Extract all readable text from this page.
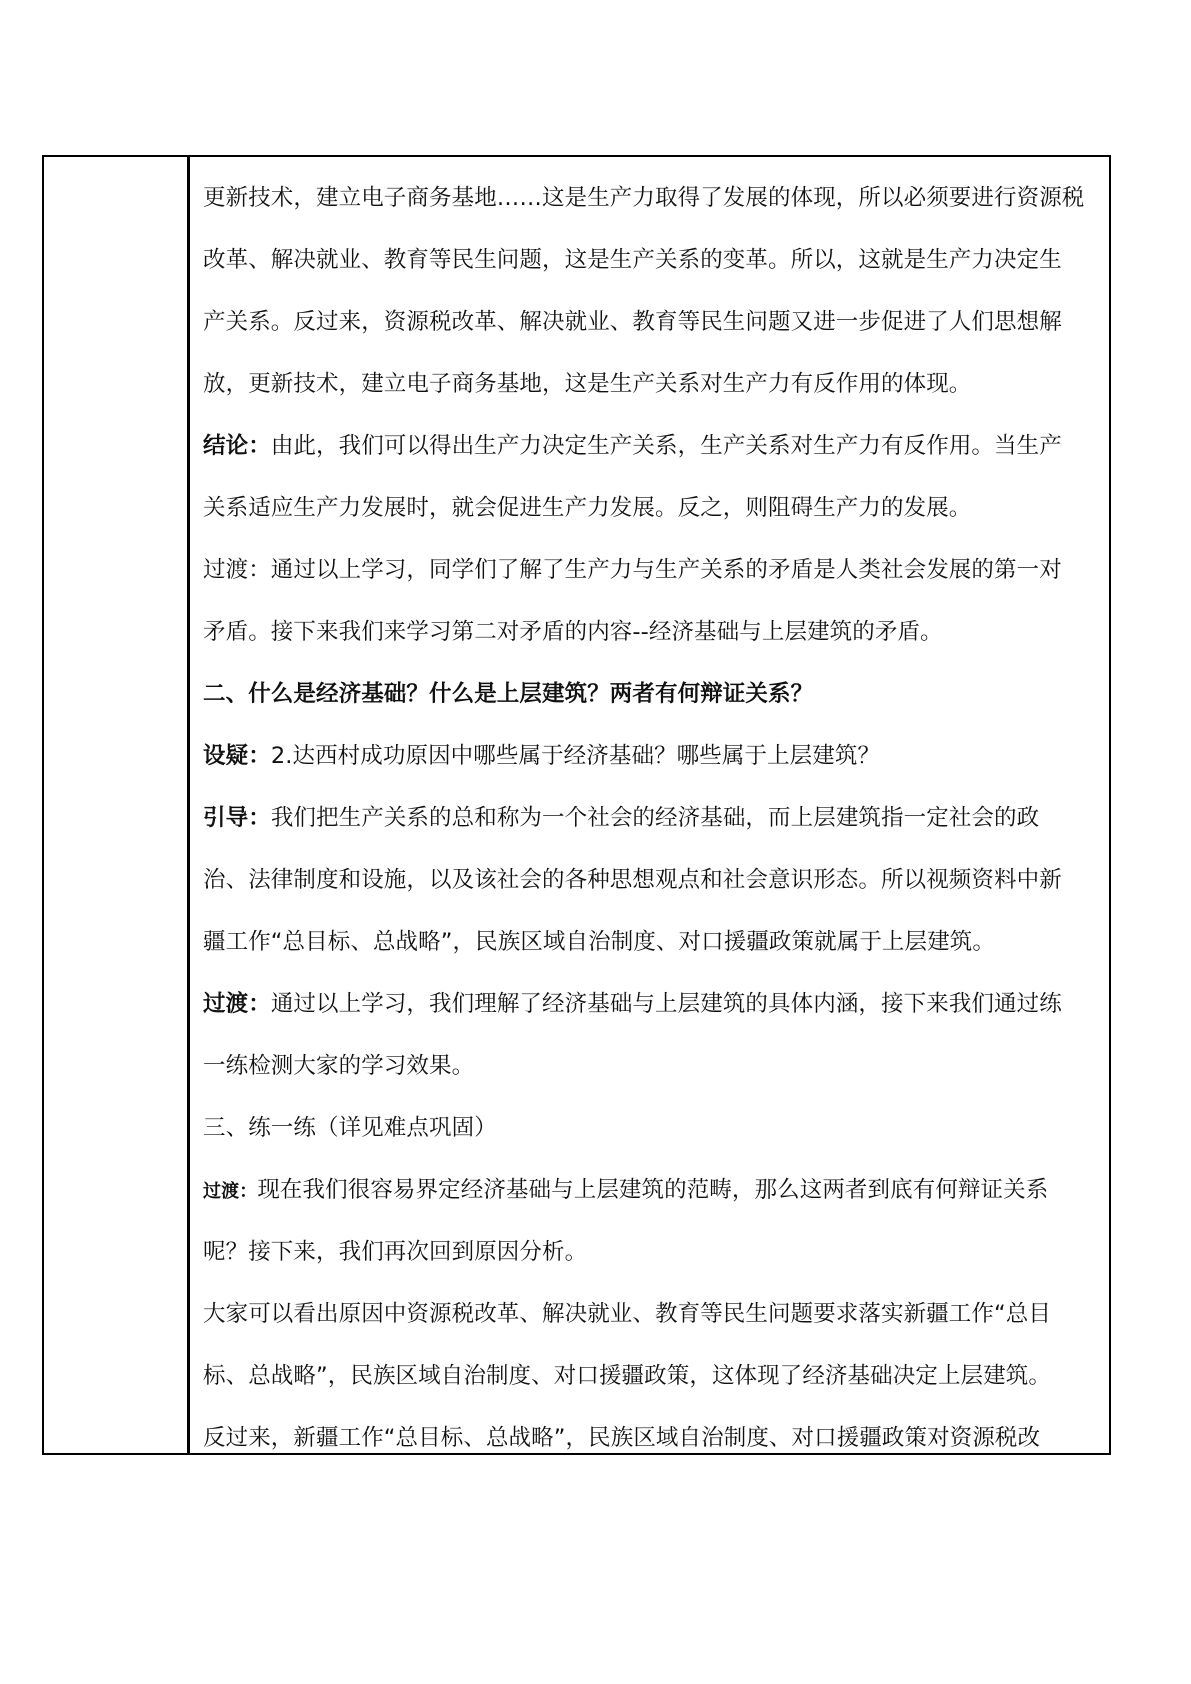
更新技术，建立电子商务基地……这是生产力取得了发展的体现，所以必须要进行资源税
改革、解决就业、教育等民生问题，这是生产关系的变革。所以，这就是生产力决定生
产关系。反过来，资源税改革、解决就业、教育等民生问题又进一步促进了人们思想解
放，更新技术，建立电子商务基地，这是生产关系对生产力有反作用的体现。
结论：由此，我们可以得出生产力决定生产关系，生产关系对生产力有反作用。当生产
关系适应生产力发展时，就会促进生产力发展。反之，则阻碍生产力的发展。
过渡：通过以上学习，同学们了解了生产力与生产关系的矛盾是人类社会发展的第一对
矛盾。接下来我们来学习第二对矛盾的内容--经济基础与上层建筑的矛盾。
二、什么是经济基础？什么是上层建筑？两者有何辩证关系？
设疑：2.达西村成功原因中哪些属于经济基础？哪些属于上层建筑？
引导：我们把生产关系的总和称为一个社会的经济基础，而上层建筑指一定社会的政
治、法律制度和设施，以及该社会的各种思想观点和社会意识形态。所以视频资料中新
疆工作“总目标、总战略”，民族区域自治制度、对口援疆政策就属于上层建筑。
过渡：通过以上学习，我们理解了经济基础与上层建筑的具体内涵，接下来我们通过练
一练检测大家的学习效果。
三、练一练（详见难点巩固）
过渡：现在我们很容易界定经济基础与上层建筑的范畴，那么这两者到底有何辩证关系
呢？接下来，我们再次回到原因分析。
大家可以看出原因中资源税改革、解决就业、教育等民生问题要求落实新疆工作“总目
标、总战略”，民族区域自治制度、对口援疆政策，这体现了经济基础决定上层建筑。
反过来，新疆工作“总目标、总战略”，民族区域自治制度、对口援疆政策对资源税改
